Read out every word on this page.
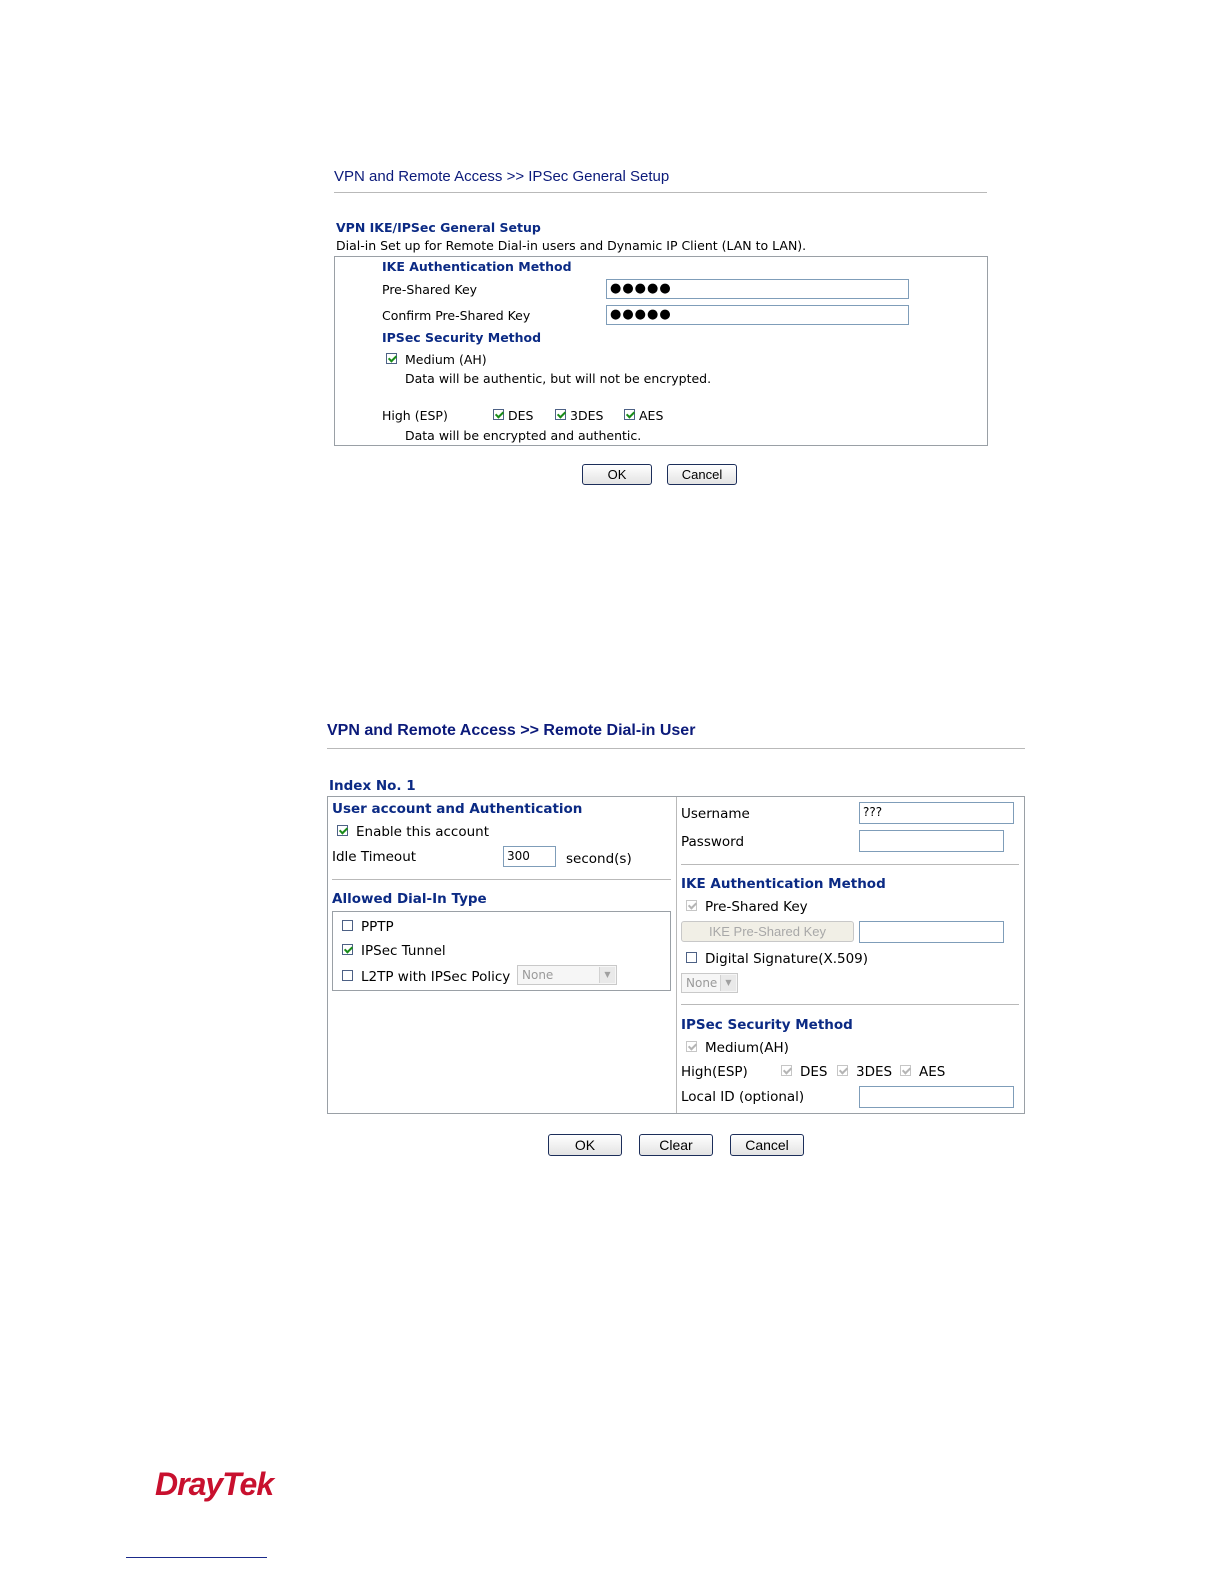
VPN and Remote Access >> IPSec General Setup
VPN IKE/IPSec General Setup
Dial-in Set up for Remote Dial-in users and Dynamic IP Client (LAN to LAN).
IKE Authentication Method
Pre-Shared Key	●●●●●
Confirm Pre-Shared Key	●●●●●
IPSec Security Method
Medium (AH)
Data will be authentic, but will not be encrypted.
High (ESP)	DES	3DES	AES
Data will be encrypted and authentic.
OK	Cancel
VPN and Remote Access >> Remote Dial-in User
Index No. 1
User account and Authentication
Enable this account
Idle Timeout	300	second(s)
Allowed Dial-In Type
PPTP
IPSec Tunnel
L2TP with IPSec Policy None	▼
Username	???
Password
IKE Authentication Method
Pre-Shared Key
IKE Pre-Shared Key
Digital Signature(X.509)
None	▼
IPSec Security Method
Medium(AH)
High(ESP)	DES 3DES AES
Local ID (optional)
OK	Clear	Cancel
DrayTek
